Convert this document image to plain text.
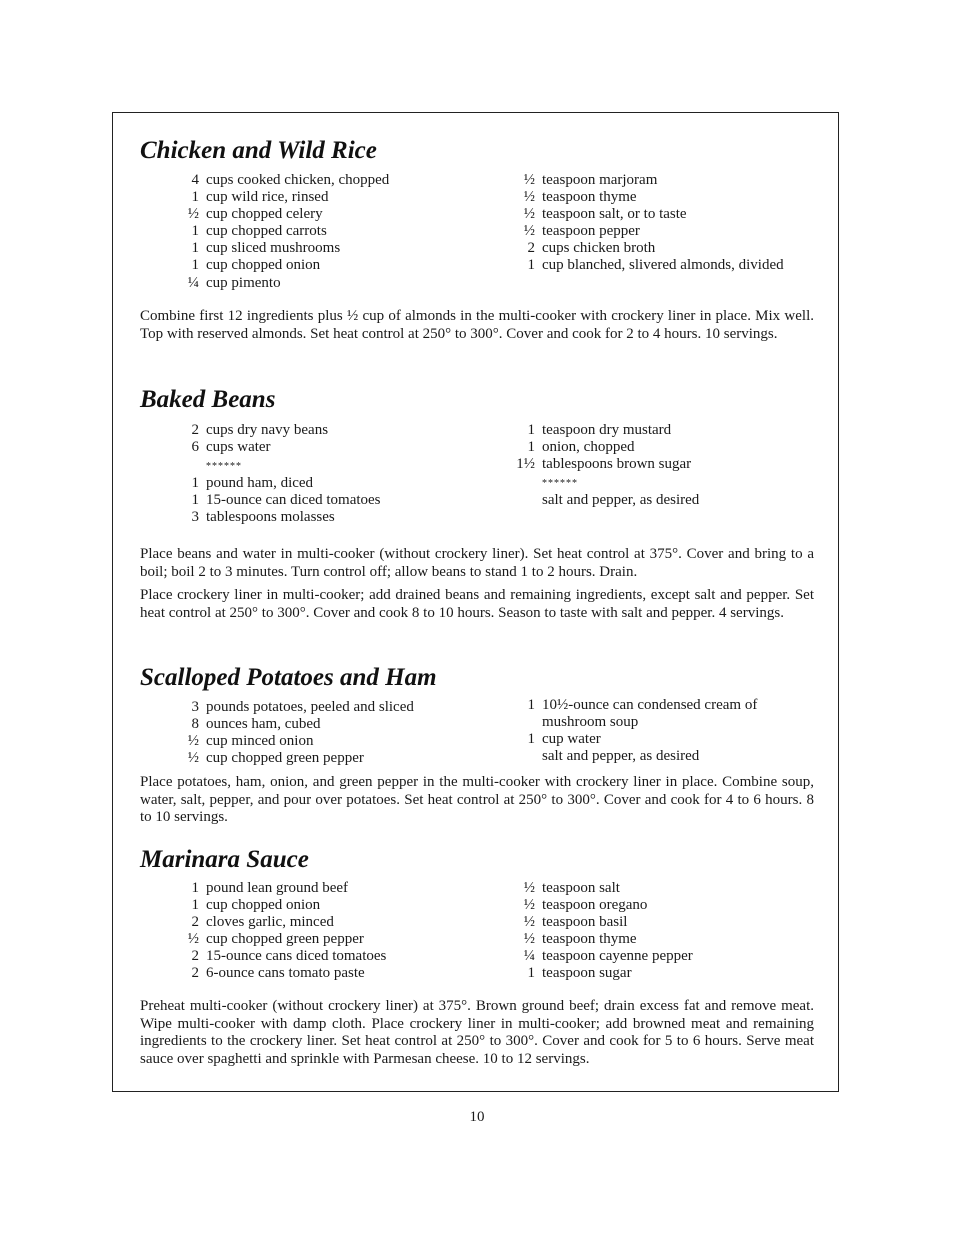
Chicken and Wild Rice
4 cups cooked chicken, chopped
1 cup wild rice, rinsed
½ cup chopped celery
1 cup chopped carrots
1 cup sliced mushrooms
1 cup chopped onion
¼ cup pimento
½ teaspoon marjoram
½ teaspoon thyme
½ teaspoon salt, or to taste
½ teaspoon pepper
2 cups chicken broth
1 cup blanched, slivered almonds, divided

Combine first 12 ingredients plus ½ cup of almonds in the multi-cooker with crockery liner in place. Mix well. Top with reserved almonds. Set heat control at 250° to 300°. Cover and cook for 2 to 4 hours. 10 servings.

Baked Beans
2 cups dry navy beans
6 cups water
******
1 pound ham, diced
1 15-ounce can diced tomatoes
3 tablespoons molasses
1 teaspoon dry mustard
1 onion, chopped
1½ tablespoons brown sugar
******
salt and pepper, as desired

Place beans and water in multi-cooker (without crockery liner). Set heat control at 375°. Cover and bring to a boil; boil 2 to 3 minutes. Turn control off; allow beans to stand 1 to 2 hours. Drain.

Place crockery liner in multi-cooker; add drained beans and remaining ingredients, except salt and pepper. Set heat control at 250° to 300°. Cover and cook 8 to 10 hours. Season to taste with salt and pepper. 4 servings.

Scalloped Potatoes and Ham
3 pounds potatoes, peeled and sliced
8 ounces ham, cubed
½ cup minced onion
½ cup chopped green pepper
1 10½-ounce can condensed cream of mushroom soup
1 cup water
salt and pepper, as desired

Place potatoes, ham, onion, and green pepper in the multi-cooker with crockery liner in place. Combine soup, water, salt, pepper, and pour over potatoes. Set heat control at 250° to 300°. Cover and cook for 4 to 6 hours. 8 to 10 servings.

Marinara Sauce
1 pound lean ground beef
1 cup chopped onion
2 cloves garlic, minced
½ cup chopped green pepper
2 15-ounce cans diced tomatoes
2 6-ounce cans tomato paste
½ teaspoon salt
½ teaspoon oregano
½ teaspoon basil
½ teaspoon thyme
¼ teaspoon cayenne pepper
1 teaspoon sugar

Preheat multi-cooker (without crockery liner) at 375°. Brown ground beef; drain excess fat and remove meat. Wipe multi-cooker with damp cloth. Place crockery liner in multi-cooker; add browned meat and remaining ingredients to the crockery liner. Set heat control at 250° to 300°. Cover and cook for 5 to 6 hours. Serve meat sauce over spaghetti and sprinkle with Parmesan cheese. 10 to 12 servings.

10
